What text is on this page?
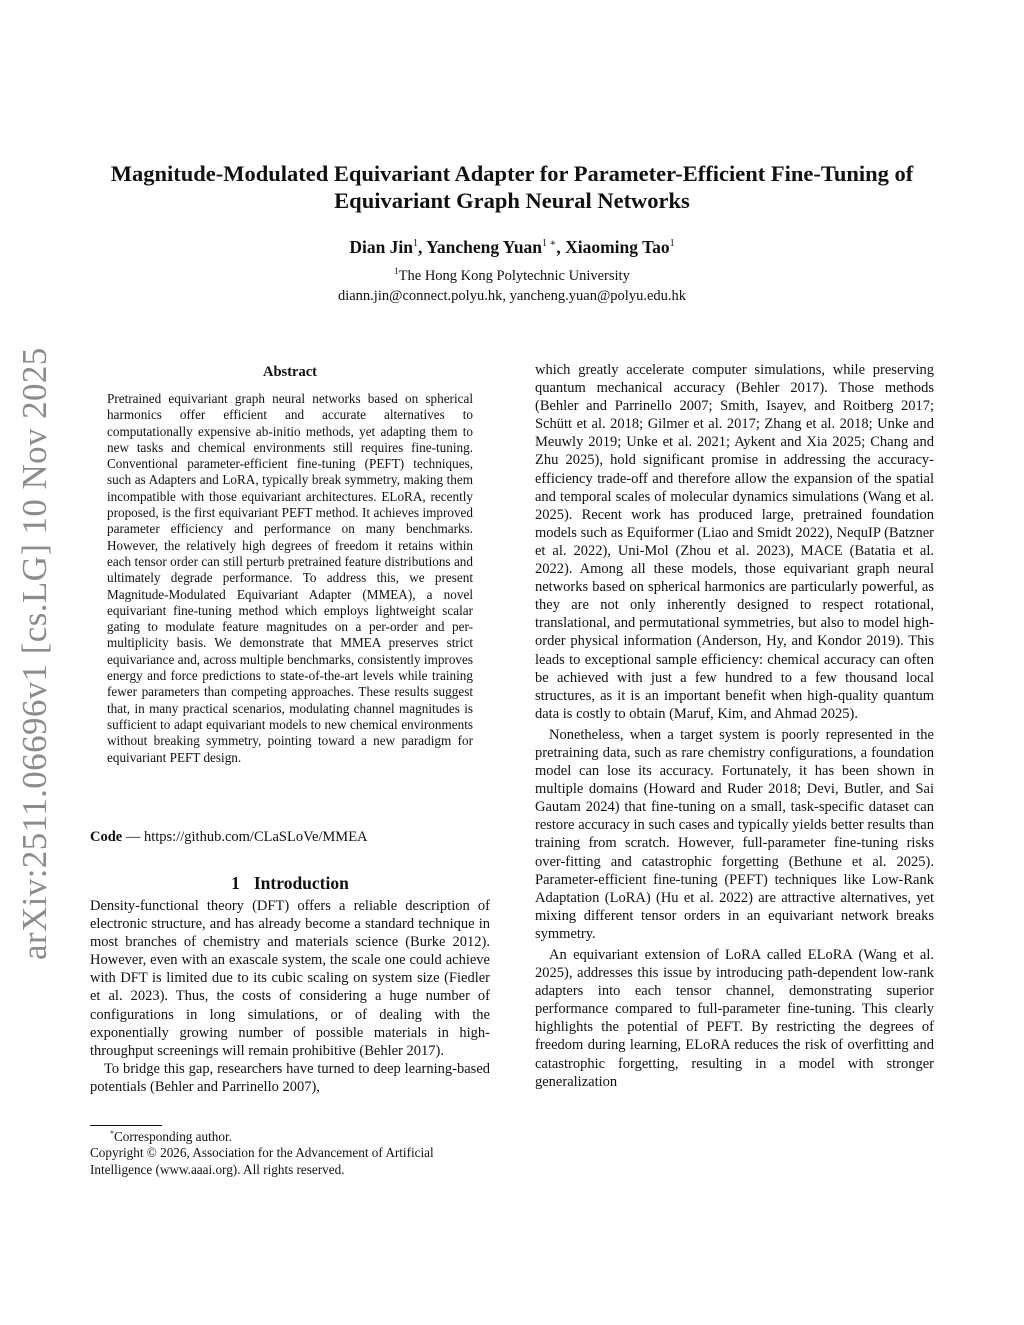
arXiv:2511.06696v1 [cs.LG] 10 Nov 2025
Magnitude-Modulated Equivariant Adapter for Parameter-Efficient Fine-Tuning of Equivariant Graph Neural Networks
Dian Jin$^1$, Yancheng Yuan$^{1 ∗}$, Xiaoming Tao$^1$
$^1$The Hong Kong Polytechnic University
diann.jin@connect.polyu.hk, yancheng.yuan@polyu.edu.hk
Abstract

Pretrained equivariant graph neural networks based on spherical harmonics offer efficient and accurate alternatives to computationally expensive ab-initio methods, yet adapting them to new tasks and chemical environments still requires fine-tuning. Conventional parameter-efficient fine-tuning (PEFT) techniques, such as Adapters and LoRA, typically break symmetry, making them incompatible with those equivariant architectures. ELoRA, recently proposed, is the first equivariant PEFT method. It achieves improved parameter efficiency and performance on many benchmarks. However, the relatively high degrees of freedom it retains within each tensor order can still perturb pretrained feature distributions and ultimately degrade performance. To address this, we present Magnitude-Modulated Equivariant Adapter (MMEA), a novel equivariant fine-tuning method which employs lightweight scalar gating to modulate feature magnitudes on a per-order and per-multiplicity basis. We demonstrate that MMEA preserves strict equivariance and, across multiple benchmarks, consistently improves energy and force predictions to state-of-the-art levels while training fewer parameters than competing approaches. These results suggest that, in many practical scenarios, modulating channel magnitudes is sufficient to adapt equivariant models to new chemical environments without breaking symmetry, pointing toward a new paradigm for equivariant PEFT design.

Code — https://github.com/CLaSLoVe/MMEA
1 Introduction

Density-functional theory (DFT) offers a reliable description of electronic structure, and has already become a standard technique in most branches of chemistry and materials science (Burke 2012). However, even with an exascale system, the scale one could achieve with DFT is limited due to its cubic scaling on system size (Fiedler et al. 2023). Thus, the costs of considering a huge number of configurations in long simulations, or of dealing with the exponentially growing number of possible materials in high-throughput screenings will remain prohibitive (Behler 2017).

To bridge this gap, researchers have turned to deep learning-based potentials (Behler and Parrinello 2007),

*Corresponding author.

Copyright © 2026, Association for the Advancement of Artificial Intelligence (www.aaai.org). All rights reserved.

which greatly accelerate computer simulations, while preserving quantum mechanical accuracy (Behler 2017). Those methods (Behler and Parrinello 2007; Smith, Isayev, and Roitberg 2017; Schütt et al. 2018; Gilmer et al. 2017; Zhang et al. 2018; Unke and Meuwly 2019; Unke et al. 2021; Aykent and Xia 2025; Chang and Zhu 2025), hold significant promise in addressing the accuracy-efficiency trade-off and therefore allow the expansion of the spatial and temporal scales of molecular dynamics simulations (Wang et al. 2025). Recent work has produced large, pretrained foundation models such as Equiformer (Liao and Smidt 2022), NequIP (Batzner et al. 2022), Uni-Mol (Zhou et al. 2023), MACE (Batatia et al. 2022). Among all these models, those equivariant graph neural networks based on spherical harmonics are particularly powerful, as they are not only inherently designed to respect rotational, translational, and permutational symmetries, but also to model high-order physical information (Anderson, Hy, and Kondor 2019). This leads to exceptional sample efficiency: chemical accuracy can often be achieved with just a few hundred to a few thousand local structures, as it is an important benefit when high-quality quantum data is costly to obtain (Maruf, Kim, and Ahmad 2025).

Nonetheless, when a target system is poorly represented in the pretraining data, such as rare chemistry configurations, a foundation model can lose its accuracy. Fortunately, it has been shown in multiple domains (Howard and Ruder 2018; Devi, Butler, and Sai Gautam 2024) that fine-tuning on a small, task-specific dataset can restore accuracy in such cases and typically yields better results than training from scratch. However, full-parameter fine-tuning risks over-fitting and catastrophic forgetting (Bethune et al. 2025). Parameter-efficient fine-tuning (PEFT) techniques like Low-Rank Adaptation (LoRA) (Hu et al. 2022) are attractive alternatives, yet mixing different tensor orders in an equivariant network breaks symmetry.

An equivariant extension of LoRA called ELoRA (Wang et al. 2025), addresses this issue by introducing path-dependent low-rank adapters into each tensor channel, demonstrating superior performance compared to full-parameter fine-tuning. This clearly highlights the potential of PEFT. By restricting the degrees of freedom during learning, ELoRA reduces the risk of overfitting and catastrophic forgetting, resulting in a model with stronger generalization
